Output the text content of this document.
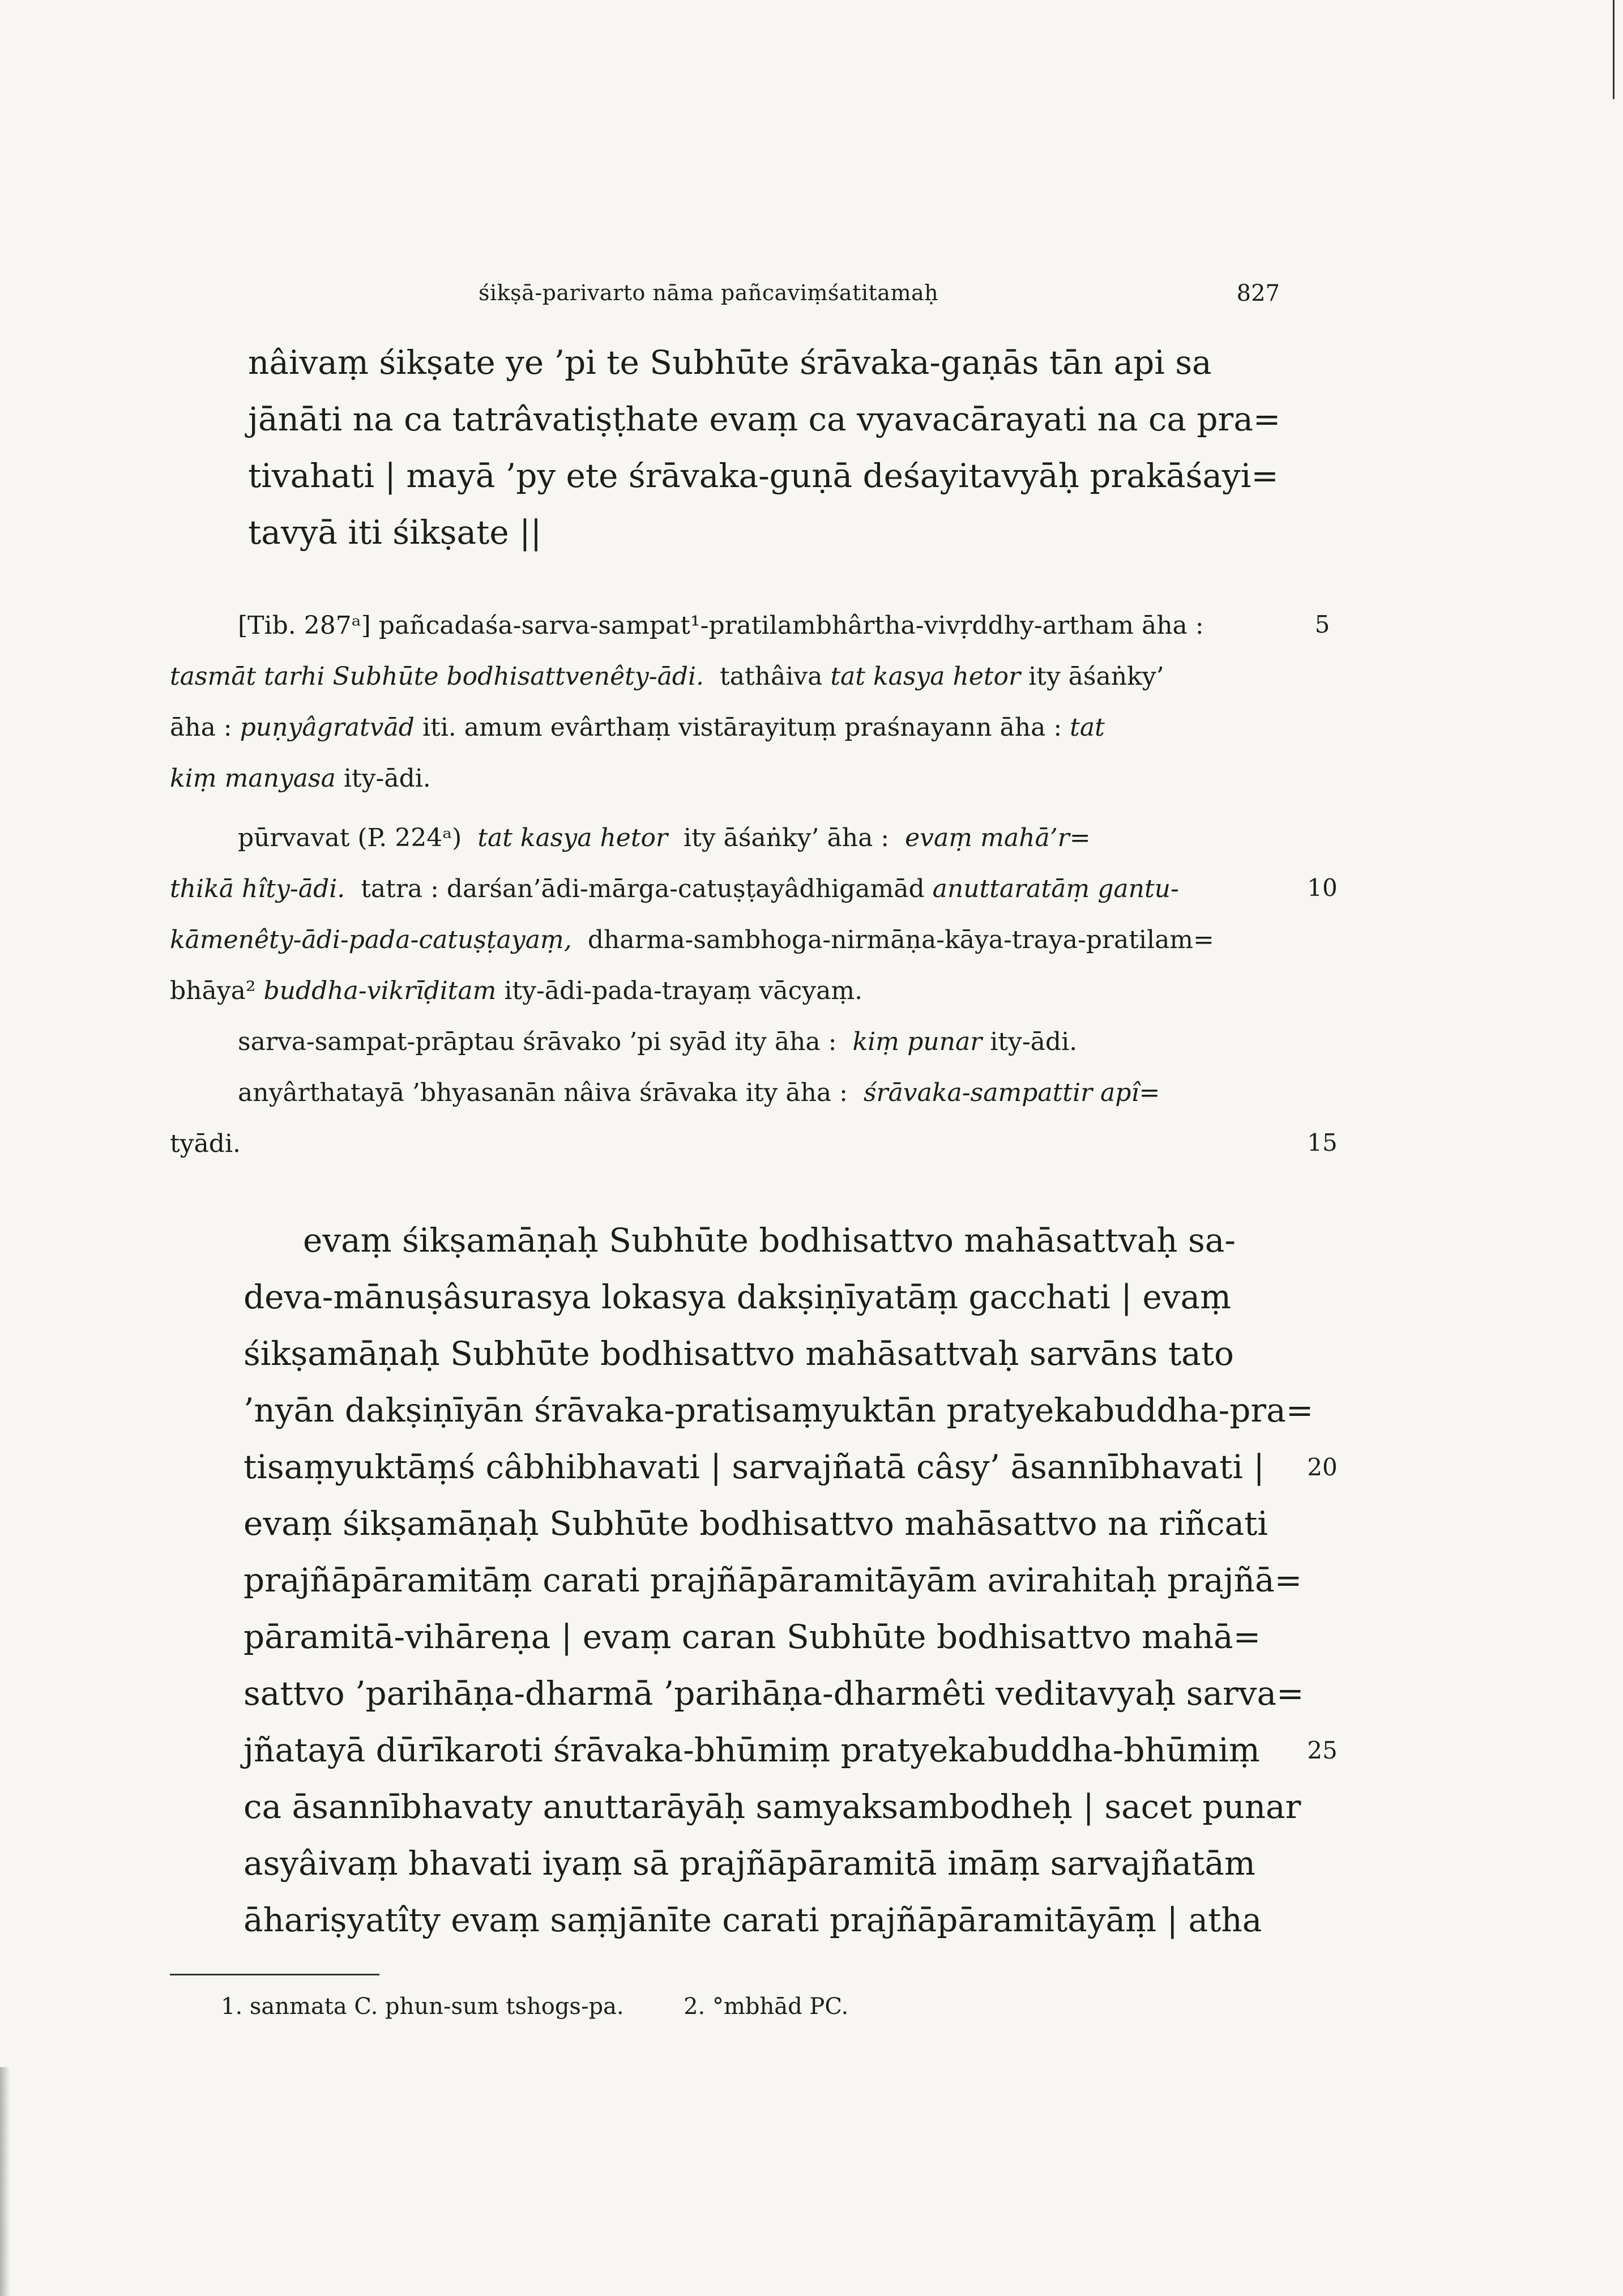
śikṣā-parivarto nāma pañcaviṃśatitamaḥ	827
nâivaṃ śikṣate ye ’pi te Subhūte śrāvaka-gaṇās tān api sa
jānāti na ca tatrâvatiṣṭhate evaṃ ca vyavacārayati na ca pra=
tivahati | mayā ’py ete śrāvaka-guṇā deśayitavyāḥ prakāśayi=
tavyā iti śikṣate ||
[Tib. 287ᵃ] pañcadaśa-sarva-sampat¹-pratilambhârtha-vivṛddhy-artham āha :	5
tasmāt tarhi Subhūte bodhisattvenêty-ādi. tathâiva tat kasya hetor ity āśaṅky’
āha : puṇyâgratvād iti. amum evârthaṃ vistārayituṃ praśnayann āha : tat
kiṃ manyasa ity-ādi.
pūrvavat (P. 224ᵃ) tat kasya hetor ity āśaṅky’ āha : evaṃ mahā’r=
thikā hîty-ādi. tatra : darśan’ādi-mārga-catuṣṭayâdhigamād anuttaratāṃ gantu-	10
kāmenêty-ādi-pada-catuṣṭayaṃ, dharma-sambhoga-nirmāṇa-kāya-traya-pratilam=
bhāya² buddha-vikrīḍitam ity-ādi-pada-trayaṃ vācyaṃ.
sarva-sampat-prāptau śrāvako ’pi syād ity āha : kiṃ punar ity-ādi.
anyârthatayā ’bhyasanān nâiva śrāvaka ity āha : śrāvaka-sampattir apî=
tyādi.	15
evaṃ śikṣamāṇaḥ Subhūte bodhisattvo mahāsattvaḥ sa-
deva-mānuṣâsurasya lokasya dakṣiṇīyatāṃ gacchati | evaṃ
śikṣamāṇaḥ Subhūte bodhisattvo mahāsattvaḥ sarvāns tato
’nyān dakṣiṇīyān śrāvaka-pratisaṃyuktān pratyekabuddha-pra=
tisaṃyuktāṃś câbhibhavati | sarvajñatā câsy’ āsannībhavati |	20
evaṃ śikṣamāṇaḥ Subhūte bodhisattvo mahāsattvo na riñcati
prajñāpāramitāṃ carati prajñāpāramitāyām avirahitaḥ prajñā=
pāramitā-vihāreṇa | evaṃ caran Subhūte bodhisattvo mahā=
sattvo ’parihāṇa-dharmā ’parihāṇa-dharmêti veditavyaḥ sarva=
jñatayā dūrīkaroti śrāvaka-bhūmiṃ pratyekabuddha-bhūmiṃ	25
ca āsannībhavaty anuttarāyāḥ samyaksambodheḥ | sacet punar
asyâivaṃ bhavati iyaṃ sā prajñāpāramitā imāṃ sarvajñatām
āhariṣyatîty evaṃ saṃjānīte carati prajñāpāramitāyāṃ | atha
1. sanmata C. phun-sum tshogs-pa.	2. °mbhād PC.
